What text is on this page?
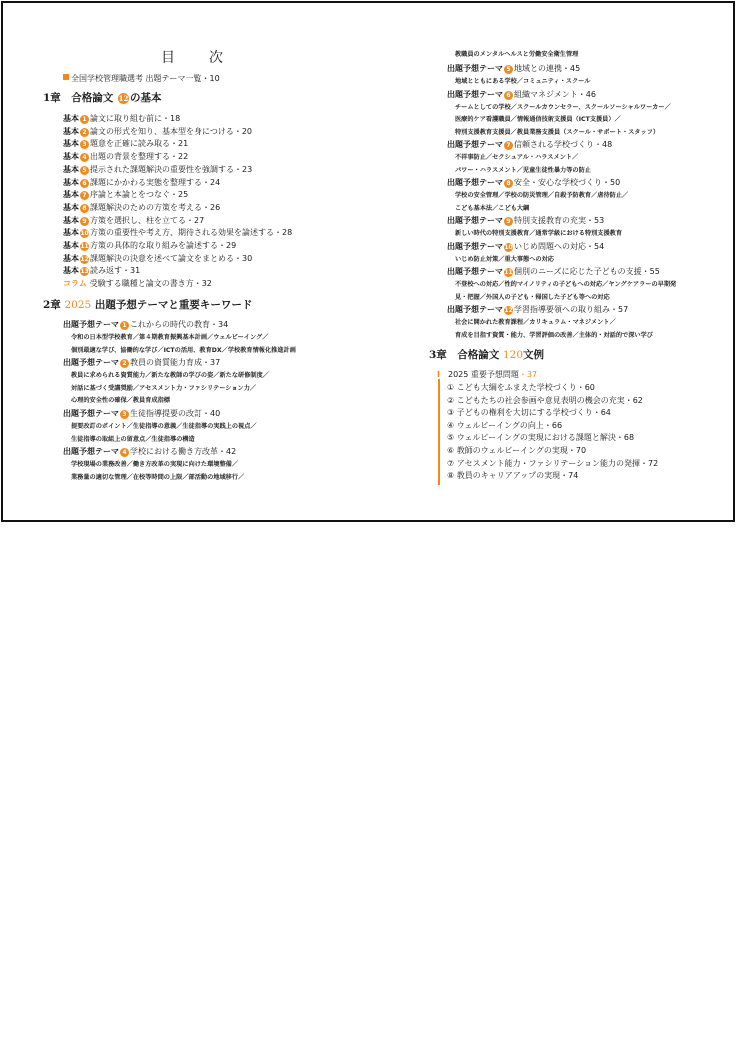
目　次
全国学校管理職選考 出題テーマ一覧・10
1章　合格論文 12 の基本
基本 1 論文に取り組む前に・18
基本 2 論文の形式を知り、基本型を身につける・20
基本 3 題意を正確に読み取る・21
基本 4 出題の背景を整理する・22
基本 5 提示された課題解決の重要性を強調する・23
基本 6 課題にかかわる実態を整理する・24
基本 7 序論と本論とをつなぐ・25
基本 8 課題解決のための方策を考える・26
基本 9 方策を選択し、柱を立てる・27
基本10方策の重要性や考え方、期待される効果を論述する・28
基本11方策の具体的な取り組みを論述する・29
基本12課題解決の決意を述べて論文をまとめる・30
基本13読み返す・31
コラム 受験する職種と論文の書き方・32
2章 2025 出題予想テーマと重要キーワード
出題予想テーマ 1 これからの時代の教育・34
令和の日本型学校教育／第４期教育振興基本計画／ウェルビーイング／
個別最適な学び、協働的な学び／ICTの活用、教育DX／学校教育情報化推進計画
出題予想テーマ 2 教員の資質能力育成・37
教員に求められる資質能力／新たな教師の学びの姿／新たな研修制度／
対話に基づく受講奨励／アセスメント力・ファシリテーション力／
心理的安全性の確保／教員育成指標
出題予想テーマ 3 生徒指導提要の改訂・40
提要改訂のポイント／生徒指導の意義／生徒指導の実践上の視点／
生徒指導の取組上の留意点／生徒指導の構造
出題予想テーマ 4 学校における働き方改革・42
学校現場の業務改善／働き方改革の実現に向けた環境整備／
業務量の適切な管理／在校等時間の上限／部活動の地域移行／
教職員のメンタルヘルスと労働安全衛生管理
出題予想テーマ 5 地域との連携・45
地域とともにある学校／コミュニティ・スクール
出題予想テーマ 6 組織マネジメント・46
チームとしての学校／スクールカウンセラー、スクールソーシャルワーカー／
医療的ケア看護職員／情報通信技術支援員（ICT支援員）／
特別支援教育支援員／教員業務支援員（スクール・サポート・スタッフ）
出題予想テーマ 7 信頼される学校づくり・48
不祥事防止／セクシュアル・ハラスメント／
パワー・ハラスメント／児童生徒性暴力等の防止
出題予想テーマ 8 安全・安心な学校づくり・50
学校の安全管理／学校の防災管理／自殺予防教育／虐待防止／
こども基本法／こども大綱
出題予想テーマ 9 特別支援教育の充実・53
新しい時代の特別支援教育／通常学級における特別支援教育
出題予想テーマ10いじめ問題への対応・54
いじめ防止対策／重大事態への対応
出題予想テーマ11個別のニーズに応じた子どもの支援・55
不登校への対応／性的マイノリティの子どもへの対応／ヤングケアラーの早期発
見・把握／外国人の子ども・帰国した子ども等への対応
出題予想テーマ12学習指導要領への取り組み・57
社会に開かれた教育課程／カリキュラム・マネジメント／
育成を目指す資質・能力、学習評価の改善／主体的・対話的で深い学び
3章　合格論文 120文例
Ⅰ　2025 重要予想問題・37
① こども大綱をふまえた学校づくり・60
② こどもたちの社会参画や意見表明の機会の充実・62
③ 子どもの権利を大切にする学校づくり・64
④ ウェルビーイングの向上・66
⑤ ウェルビーイングの実現における課題と解決・68
⑥ 教師のウェルビーイングの実現・70
⑦ アセスメント能力・ファシリテーション能力の発揮・72
⑧ 教員のキャリアアップの実現・74
